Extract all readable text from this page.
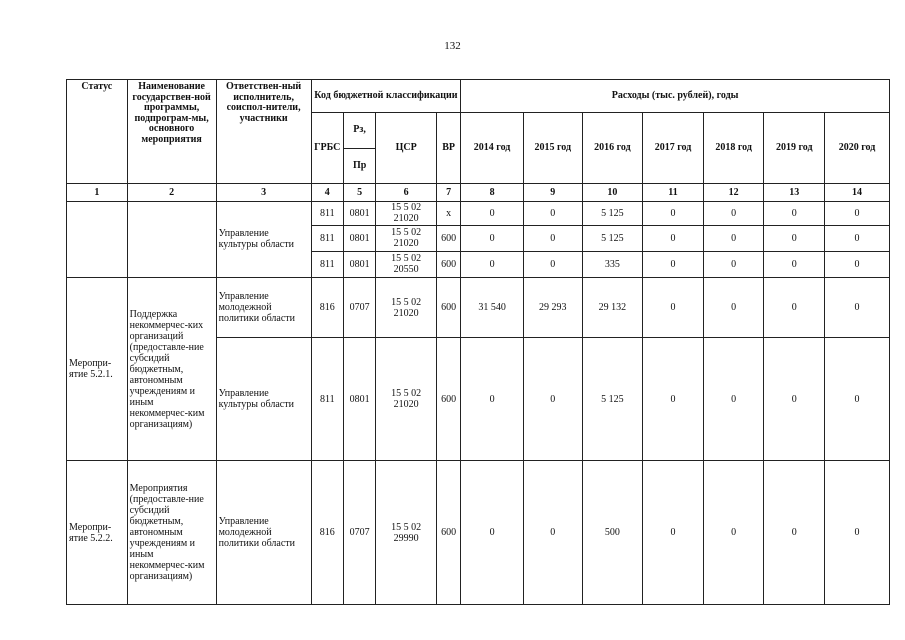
132
Статус	Наименование государствен-ной программы, подпрограм-мы, основного мероприятия	Ответствен-ный исполнитель, соиспол-нители, участники	Код бюджетной классификации				Расходы (тыс. рублей), годы						
			ГРБС	Рз,	ЦСР	ВР	2014 год	2015 год	2016 год	2017 год	2018 год	2019 год	2020 год
				Пр									
1	2	3	4	5	6	7	8	9	10	11	12	13	14
		Управление культуры области	811	0801	15 5 02 21020	x	0	0	5 125	0	0	0	0
			811	0801	15 5 02 21020	600	0	0	5 125	0	0	0	0
			811	0801	15 5 02 20550	600	0	0	335	0	0	0	0
Меропри-ятие 5.2.1.	Поддержка некоммерчес-ких организаций (предоставле-ние субсидий бюджетным, автономным учреждениям и иным некоммерчес-ким организациям)	Управление молодежной политики области	816	0707	15 5 02 21020	600	31 540	29 293	29 132	0	0	0	0
		Управление культуры области	811	0801	15 5 02 21020	600	0	0	5 125	0	0	0	0
Меропри-ятие 5.2.2.	Мероприятия (предоставле-ние субсидий бюджетным, автономным учреждениям и иным некоммерчес-ким организациям)	Управление молодежной политики области	816	0707	15 5 02 29990	600	0	0	500	0	0	0	0
